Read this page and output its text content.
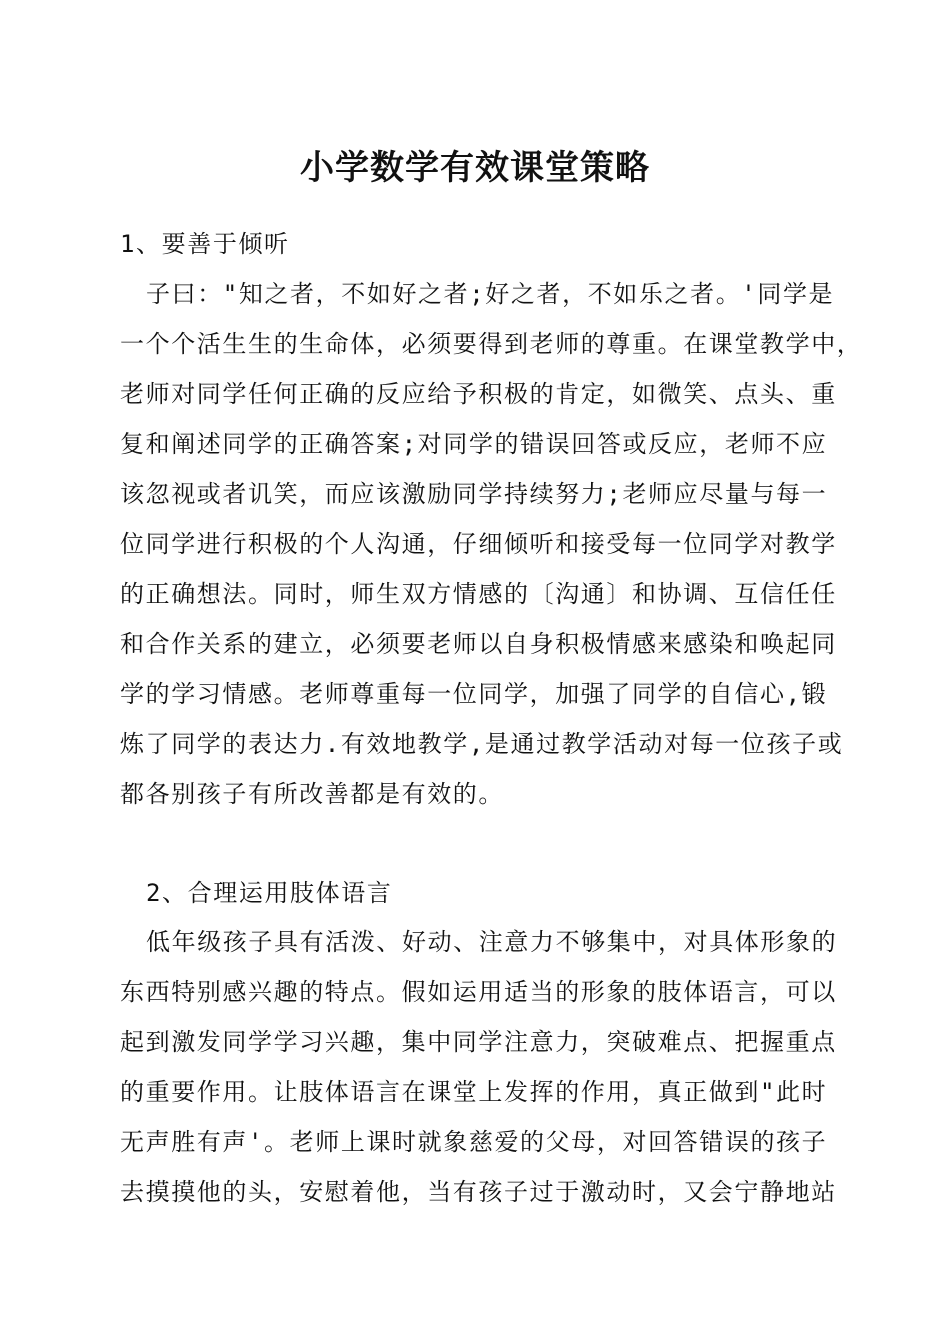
小学数学有效课堂策略

1、要善于倾听

子曰："知之者，不如好之者;好之者，不如乐之者。'同学是

一个个活生生的生命体，必须要得到老师的尊重。在课堂教学中，

老师对同学任何正确的反应给予积极的肯定，如微笑、点头、重

复和阐述同学的正确答案;对同学的错误回答或反应，老师不应

该忽视或者讥笑，而应该激励同学持续努力;老师应尽量与每一

位同学进行积极的个人沟通，仔细倾听和接受每一位同学对教学

的正确想法。同时，师生双方情感的〔沟通〕和协调、互信任任

和合作关系的建立，必须要老师以自身积极情感来感染和唤起同

学的学习情感。老师尊重每一位同学，加强了同学的自信心,锻

炼了同学的表达力.有效地教学,是通过教学活动对每一位孩子或

都各别孩子有所改善都是有效的。

2、合理运用肢体语言

低年级孩子具有活泼、好动、注意力不够集中，对具体形象的

东西特别感兴趣的特点。假如运用适当的形象的肢体语言，可以

起到激发同学学习兴趣，集中同学注意力，突破难点、把握重点

的重要作用。让肢体语言在课堂上发挥的作用，真正做到"此时

无声胜有声'。老师上课时就象慈爱的父母，对回答错误的孩子

去摸摸他的头，安慰着他，当有孩子过于激动时，又会宁静地站
